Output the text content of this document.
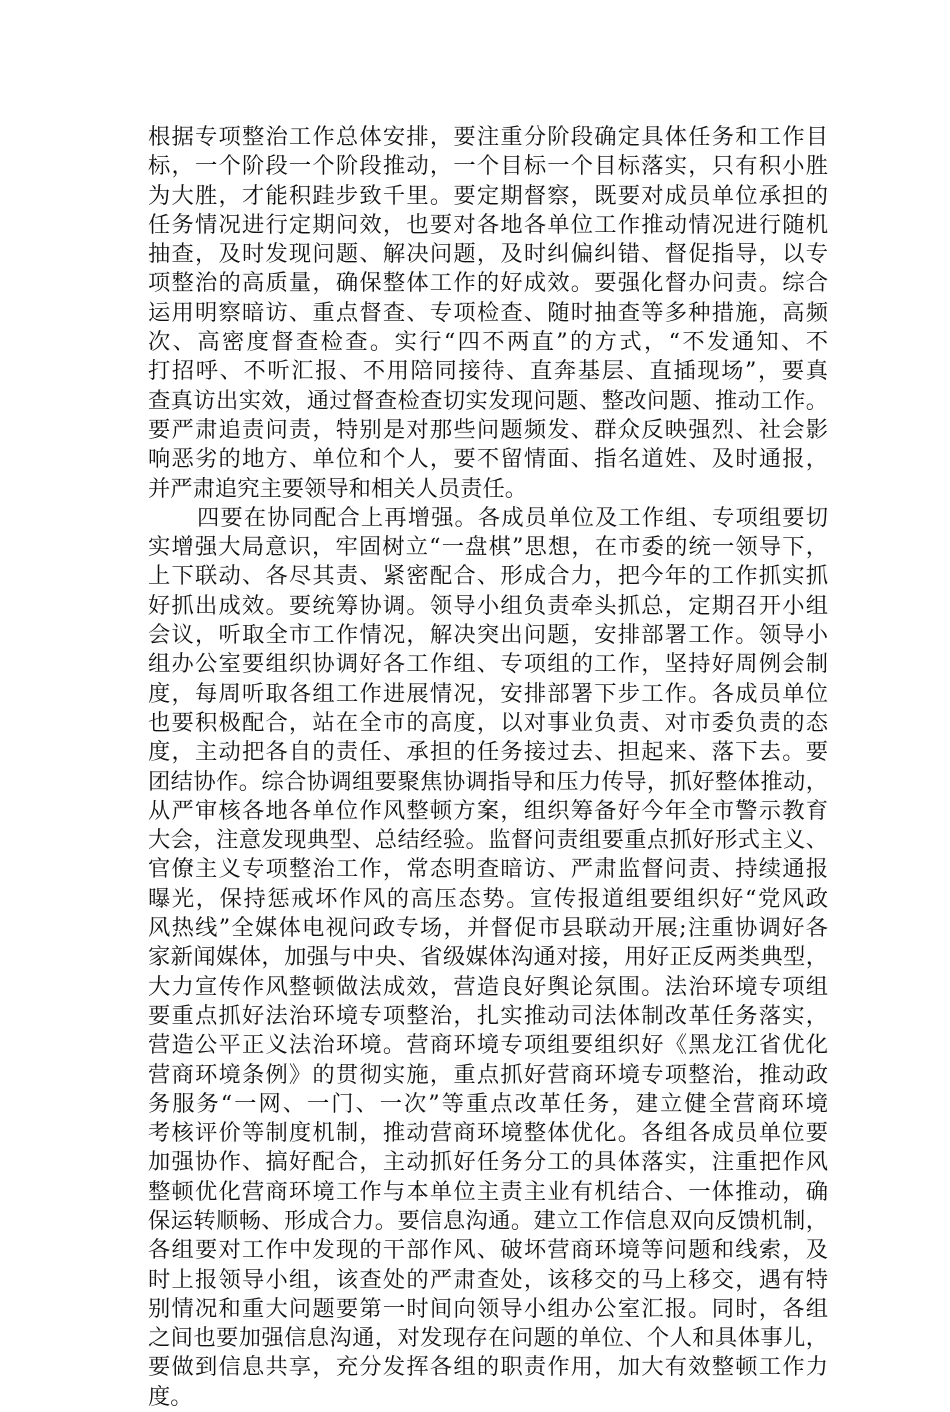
根据专项整治工作总体安排，要注重分阶段确定具体任务和工作目
标，一个阶段一个阶段推动，一个目标一个目标落实，只有积小胜
为大胜，才能积跬步致千里。要定期督察，既要对成员单位承担的
任务情况进行定期问效，也要对各地各单位工作推动情况进行随机
抽查，及时发现问题、解决问题，及时纠偏纠错、督促指导，以专
项整治的高质量，确保整体工作的好成效。要强化督办问责。综合
运用明察暗访、重点督查、专项检查、随时抽查等多种措施，高频
次、高密度督查检查。实行“四不两直”的方式，“不发通知、不
打招呼、不听汇报、不用陪同接待、直奔基层、直插现场”，要真
查真访出实效，通过督查检查切实发现问题、整改问题、推动工作。
要严肃追责问责，特别是对那些问题频发、群众反映强烈、社会影
响恶劣的地方、单位和个人，要不留情面、指名道姓、及时通报，
并严肃追究主要领导和相关人员责任。
四要在协同配合上再增强。各成员单位及工作组、专项组要切
实增强大局意识，牢固树立“一盘棋”思想，在市委的统一领导下，
上下联动、各尽其责、紧密配合、形成合力，把今年的工作抓实抓
好抓出成效。要统筹协调。领导小组负责牵头抓总，定期召开小组
会议，听取全市工作情况，解决突出问题，安排部署工作。领导小
组办公室要组织协调好各工作组、专项组的工作，坚持好周例会制
度，每周听取各组工作进展情况，安排部署下步工作。各成员单位
也要积极配合，站在全市的高度，以对事业负责、对市委负责的态
度，主动把各自的责任、承担的任务接过去、担起来、落下去。要
团结协作。综合协调组要聚焦协调指导和压力传导，抓好整体推动，
从严审核各地各单位作风整顿方案，组织筹备好今年全市警示教育
大会，注意发现典型、总结经验。监督问责组要重点抓好形式主义、
官僚主义专项整治工作，常态明查暗访、严肃监督问责、持续通报
曝光，保持惩戒坏作风的高压态势。宣传报道组要组织好“党风政
风热线”全媒体电视问政专场，并督促市县联动开展;注重协调好各
家新闻媒体，加强与中央、省级媒体沟通对接，用好正反两类典型，
大力宣传作风整顿做法成效，营造良好舆论氛围。法治环境专项组
要重点抓好法治环境专项整治，扎实推动司法体制改革任务落实，
营造公平正义法治环境。营商环境专项组要组织好《黑龙江省优化
营商环境条例》的贯彻实施，重点抓好营商环境专项整治，推动政
务服务“一网、一门、一次”等重点改革任务，建立健全营商环境
考核评价等制度机制，推动营商环境整体优化。各组各成员单位要
加强协作、搞好配合，主动抓好任务分工的具体落实，注重把作风
整顿优化营商环境工作与本单位主责主业有机结合、一体推动，确
保运转顺畅、形成合力。要信息沟通。建立工作信息双向反馈机制，
各组要对工作中发现的干部作风、破坏营商环境等问题和线索，及
时上报领导小组，该查处的严肃查处，该移交的马上移交，遇有特
别情况和重大问题要第一时间向领导小组办公室汇报。同时，各组
之间也要加强信息沟通，对发现存在问题的单位、个人和具体事儿，
要做到信息共享，充分发挥各组的职责作用，加大有效整顿工作力
度。
